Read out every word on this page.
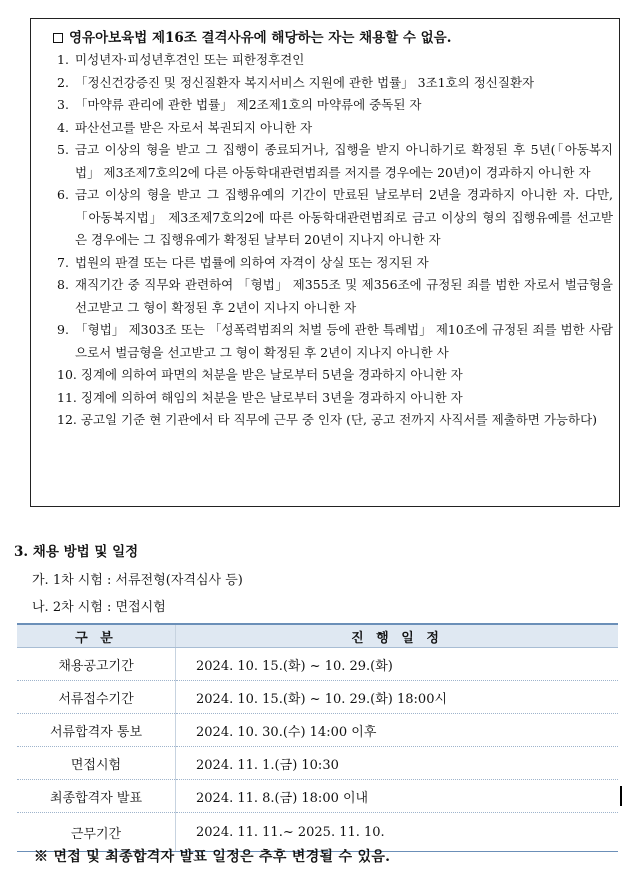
영유아보육법 제16조 결격사유에 해당하는 자는 채용할 수 없음.
1. 미성년자·피성년후견인 또는 피한정후견인
2. 「정신건강증진 및 정신질환자 복지서비스 지원에 관한 법률」 3조1호의 정신질환자
3. 「마약류 관리에 관한 법률」 제2조제1호의 마약류에 중독된 자
4. 파산선고를 받은 자로서 복권되지 아니한 자
5. 금고 이상의 형을 받고 그 집행이 종료되거나, 집행을 받지 아니하기로 확정된 후 5년(「아동복지법」 제3조제7호의2에 다른 아동학대관련범죄를 저지를 경우에는 20년)이 경과하지 아니한 자
6. 금고 이상의 형을 받고 그 집행유예의 기간이 만료된 날로부터 2년을 경과하지 아니한 자. 다만, 「아동복지법」 제3조제7호의2에 따른 아동학대관련범죄로 금고 이상의 형의 집행유예를 선고받은 경우에는 그 집행유예가 확정된 날부터 20년이 지나지 아니한 자
7. 법원의 판결 또는 다른 법률에 의하여 자격이 상실 또는 정지된 자
8. 재직기간 중 직무와 관련하여 「형법」 제355조 및 제356조에 규정된 죄를 범한 자로서 벌금형을 선고받고 그 형이 확정된 후 2년이 지나지 아니한 자
9. 「형법」 제303조 또는 「성폭력범죄의 처벌 등에 관한 특례법」 제10조에 규정된 죄를 범한 사람으로서 벌금형을 선고받고 그 형이 확정된 후 2년이 지나지 아니한 사
10. 징계에 의하여 파면의 처분을 받은 날로부터 5년을 경과하지 아니한 자
11. 징계에 의하여 해임의 처분을 받은 날로부터 3년을 경과하지 아니한 자
12. 공고일 기준 현 기관에서 타 직무에 근무 중 인자 (단, 공고 전까지 사직서를 제출하면 가능하다)
3. 채용 방법 및 일정
가. 1차 시험 : 서류전형(자격심사 등)
나. 2차 시험 : 면접시험
구 분	진 행 일 정
채용공고기간	2024. 10. 15.(화) ~ 10. 29.(화)
서류접수기간	2024. 10. 15.(화) ~ 10. 29.(화) 18:00시
서류합격자 통보	2024. 10. 30.(수) 14:00 이후
면접시험	2024. 11. 1.(금) 10:30
최종합격자 발표	2024. 11. 8.(금) 18:00 이내
근무기간	2024. 11. 11.~ 2025. 11. 10.
※ 면접 및 최종합격자 발표 일정은 추후 변경될 수 있음.
